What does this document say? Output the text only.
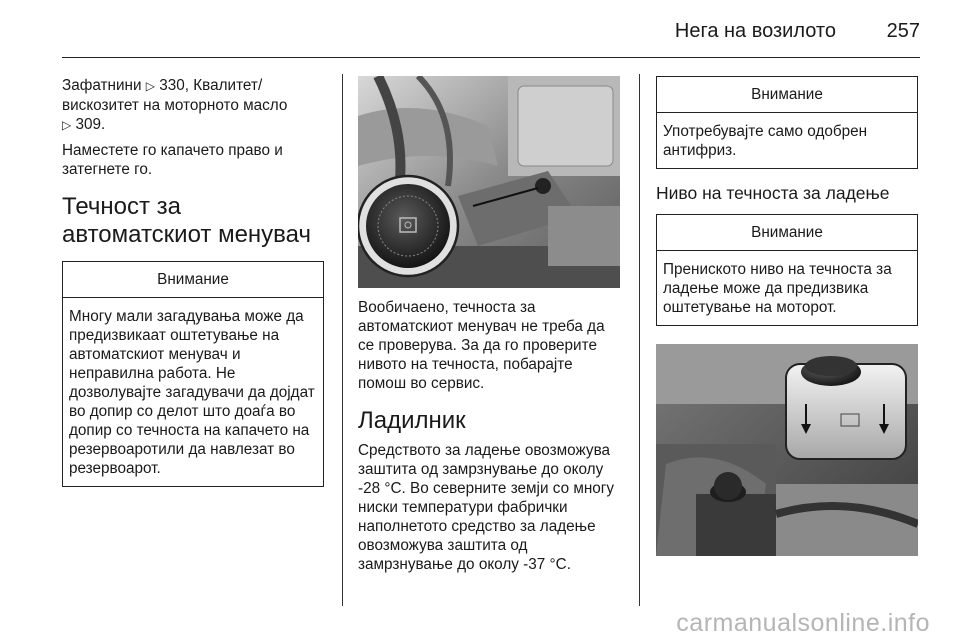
Нега на возилото	257

Зафатнини ▷ 330, Квалитет/ вискозитет на моторното масло
▷ 309.

Наместете го капачето право и затегнете го.

Течност за автоматскиот менувач
Внимание
Многу мали загадувања може да предизвикаат оштетување на автоматскиот менувач и неправилна работа. Не дозволувајте загадувачи да дојдат во допир со делот што доаѓа во допир со течноста на капачето на резервоаротили да навлезат во резервоарот.

Вообичаено, течноста за автоматскиот менувач не треба да се проверува. За да го проверите нивото на течноста, побарајте помош во сервис.

Ладилник

Средството за ладење овозможува заштита од замрзнување до околу -28 °C. Во северните земји со многу ниски температури фабрички наполнетото средство за ладење овозможува заштита од замрзнување до околу -37 °C.

Внимание
Употребувајте само одобрен антифриз.
Ниво на течноста за ладење
Внимание
Прениското ниво на течноста за ладење може да предизвика оштетување на моторот.
carmanualsonline.info
